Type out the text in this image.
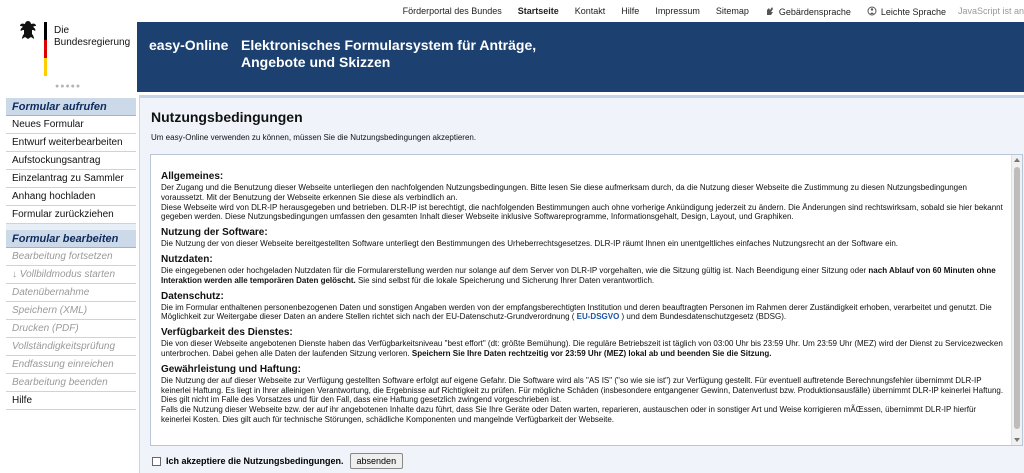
Förderportal des Bundes Startseite Kontakt Hilfe Impressum Sitemap	Gebärdensprache	Leichte Sprache JavaScript ist an
Die
Bundesregierung
●●●●●
easy-Online Elektronisches Formularsystem für Anträge, Angebote und Skizzen
Formular aufrufen
Neues Formular
Entwurf weiterbearbeiten
Aufstockungsantrag
Einzelantrag zu Sammler
Anhang hochladen
Formular zurückziehen
Formular bearbeiten
Bearbeitung fortsetzen
↓ Vollbildmodus starten
Datenübernahme
Speichern (XML)
Drucken (PDF)
Vollständigkeitsprüfung
Endfassung einreichen
Bearbeitung beenden
Hilfe
Nutzungsbedingungen
Um easy-Online verwenden zu können, müssen Sie die Nutzungsbedingungen akzeptieren.
Allgemeines:

Der Zugang und die Benutzung dieser Webseite unterliegen den nachfolgenden Nutzungsbedingungen. Bitte lesen Sie diese aufmerksam durch, da die Nutzung dieser Webseite die Zustimmung zu diesen Nutzungsbedingungen voraussetzt. Mit der Benutzung der Webseite erkennen Sie diese als verbindlich an.

Diese Webseite wird von DLR-IP herausgegeben und betrieben. DLR-IP ist berechtigt, die nachfolgenden Bestimmungen auch ohne vorherige Ankündigung jederzeit zu ändern. Die Änderungen sind rechtswirksam, sobald sie hier bekannt gegeben werden. Diese Nutzungsbedingungen umfassen den gesamten Inhalt dieser Webseite inklusive Softwareprogramme, Informationsgehalt, Design, Layout, und Graphiken.

Nutzung der Software:

Die Nutzung der von dieser Webseite bereitgestellten Software unterliegt den Bestimmungen des Urheberrechtsgesetzes. DLR-IP räumt Ihnen ein unentgeltliches einfaches Nutzungsrecht an der Software ein.

Nutzdaten:

Die eingegebenen oder hochgeladen Nutzdaten für die Formularerstellung werden nur solange auf dem Server von DLR-IP vorgehalten, wie die Sitzung gültig ist. Nach Beendigung einer Sitzung oder nach Ablauf von 60 Minuten ohne Interaktion werden alle temporären Daten gelöscht. Sie sind selbst für die lokale Speicherung und Sicherung Ihrer Daten verantwortlich.

Datenschutz:

Die im Formular enthaltenen personenbezogenen Daten und sonstigen Angaben werden von der empfangsberechtigten Institution und deren beauftragten Personen im Rahmen derer Zuständigkeit erhoben, verarbeitet und genutzt. Die Möglichkeit zur Weitergabe dieser Daten an andere Stellen richtet sich nach der EU-Datenschutz-Grundverordnung ( EU-DSGVO ) und dem Bundesdatenschutzgesetz (BDSG).

Verfügbarkeit des Dienstes:

Die von dieser Webseite angebotenen Dienste haben das Verfügbarkeitsniveau "best effort" (dt: größte Bemühung). Die reguläre Betriebszeit ist täglich von 03:00 Uhr bis 23:59 Uhr. Um 23:59 Uhr (MEZ) wird der Dienst zu Servicezwecken unterbrochen. Dabei gehen alle Daten der laufenden Sitzung verloren. Speichern Sie Ihre Daten rechtzeitig vor 23:59 Uhr (MEZ) lokal ab und beenden Sie die Sitzung.

Gewährleistung und Haftung:

Die Nutzung der auf dieser Webseite zur Verfügung gestellten Software erfolgt auf eigene Gefahr. Die Software wird als "AS IS" ("so wie sie ist") zur Verfügung gestellt. Für eventuell auftretende Berechnungsfehler übernimmt DLR-IP keinerlei Haftung. Es liegt in Ihrer alleinigen Verantwortung, die Ergebnisse auf Richtigkeit zu prüfen. Für mögliche Schäden (insbesondere entgangener Gewinn, Datenverlust bzw. Produktionsausfälle) übernimmt DLR-IP keinerlei Haftung. Dies gilt nicht im Falle des Vorsatzes und für den Fall, dass eine Haftung gesetzlich zwingend vorgeschrieben ist.

Falls die Nutzung dieser Webseite bzw. der auf ihr angebotenen Inhalte dazu führt, dass Sie Ihre Geräte oder Daten warten, reparieren, austauschen oder in sonstiger Art und Weise korrigieren mÃŒssen, übernimmt DLR-IP hierfür keinerlei Kosten. Dies gilt auch für technische Störungen, schädliche Komponenten und mangelnde Verfügbarkeit der Webseite.

Ich akzeptiere die Nutzungsbedingungen.	absenden
